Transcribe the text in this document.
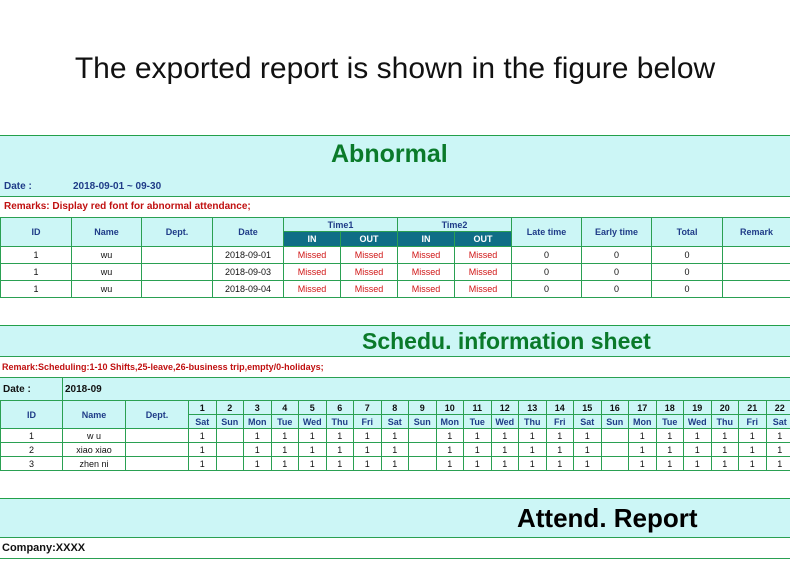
The exported report is shown in the figure below
Abnormal
Date :	2018-09-01 ~ 09-30
Remarks: Display red font for abnormal attendance;
ID	Name	Dept.	Date	Time1		Time2		Late time	Early time	Total	Remark
				IN	OUT	IN	OUT				
1	wu		2018-09-01	Missed	Missed	Missed	Missed	0	0	0	
1	wu		2018-09-03	Missed	Missed	Missed	Missed	0	0	0	
1	wu		2018-09-04	Missed	Missed	Missed	Missed	0	0	0	
Schedu. information sheet
Remark:Scheduling:1-10 Shifts,25-leave,26-business trip,empty/0-holidays;
Date :	2018-09
ID	Name	Dept.	1	2	3	4	5	6	7	8	9	10	11	12	13	14	15	16	17	18	19	20	21	22
			Sat	Sun	Mon	Tue	Wed	Thu	Fri	Sat	Sun	Mon	Tue	Wed	Thu	Fri	Sat	Sun	Mon	Tue	Wed	Thu	Fri	Sat
1	w u		1		1	1	1	1	1	1		1	1	1	1	1	1		1	1	1	1	1	1
2	xiao xiao		1		1	1	1	1	1	1		1	1	1	1	1	1		1	1	1	1	1	1
3	zhen ni		1		1	1	1	1	1	1		1	1	1	1	1	1		1	1	1	1	1	1
Attend. Report
Company:XXXX
